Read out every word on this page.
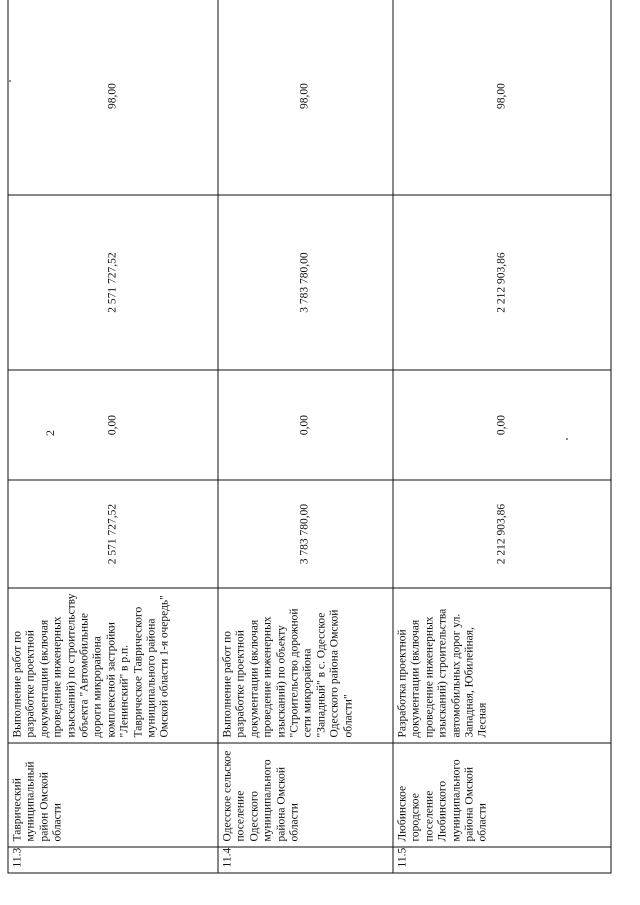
2
11.3	Таврический муниципальный район Омской области	Выполнение работ по разработке проектной документации (включая проведение инженерных изысканий) по строительству объекта "Автомобильные дороги микрорайона комплексной застройки "Ленинский" в р.п. Таврическое Таврического муниципального района Омской области 1-я очередь"	2 571 727,52	0,00	2 571 727,52	98,00
11.4	Одесское сельское поселение Одесского муниципального района Омской области	Выполнение работ по разработке проектной документации (включая проведение инженерных изысканий) по объекту "Строительство дорожной сети микрорайона "Западный" в с. Одесское Одесского района Омской области"	3 783 780,00	0,00	3 783 780,00	98,00
11.5	Любинское городское поселение Любинского муниципального района Омской области	Разработка проектной документации (включая проведение инженерных изысканий) строительства автомобильных дорог ул. Западная, Юбилейная, Лесная	2 212 903,86	0,00	2 212 903,86	98,00
